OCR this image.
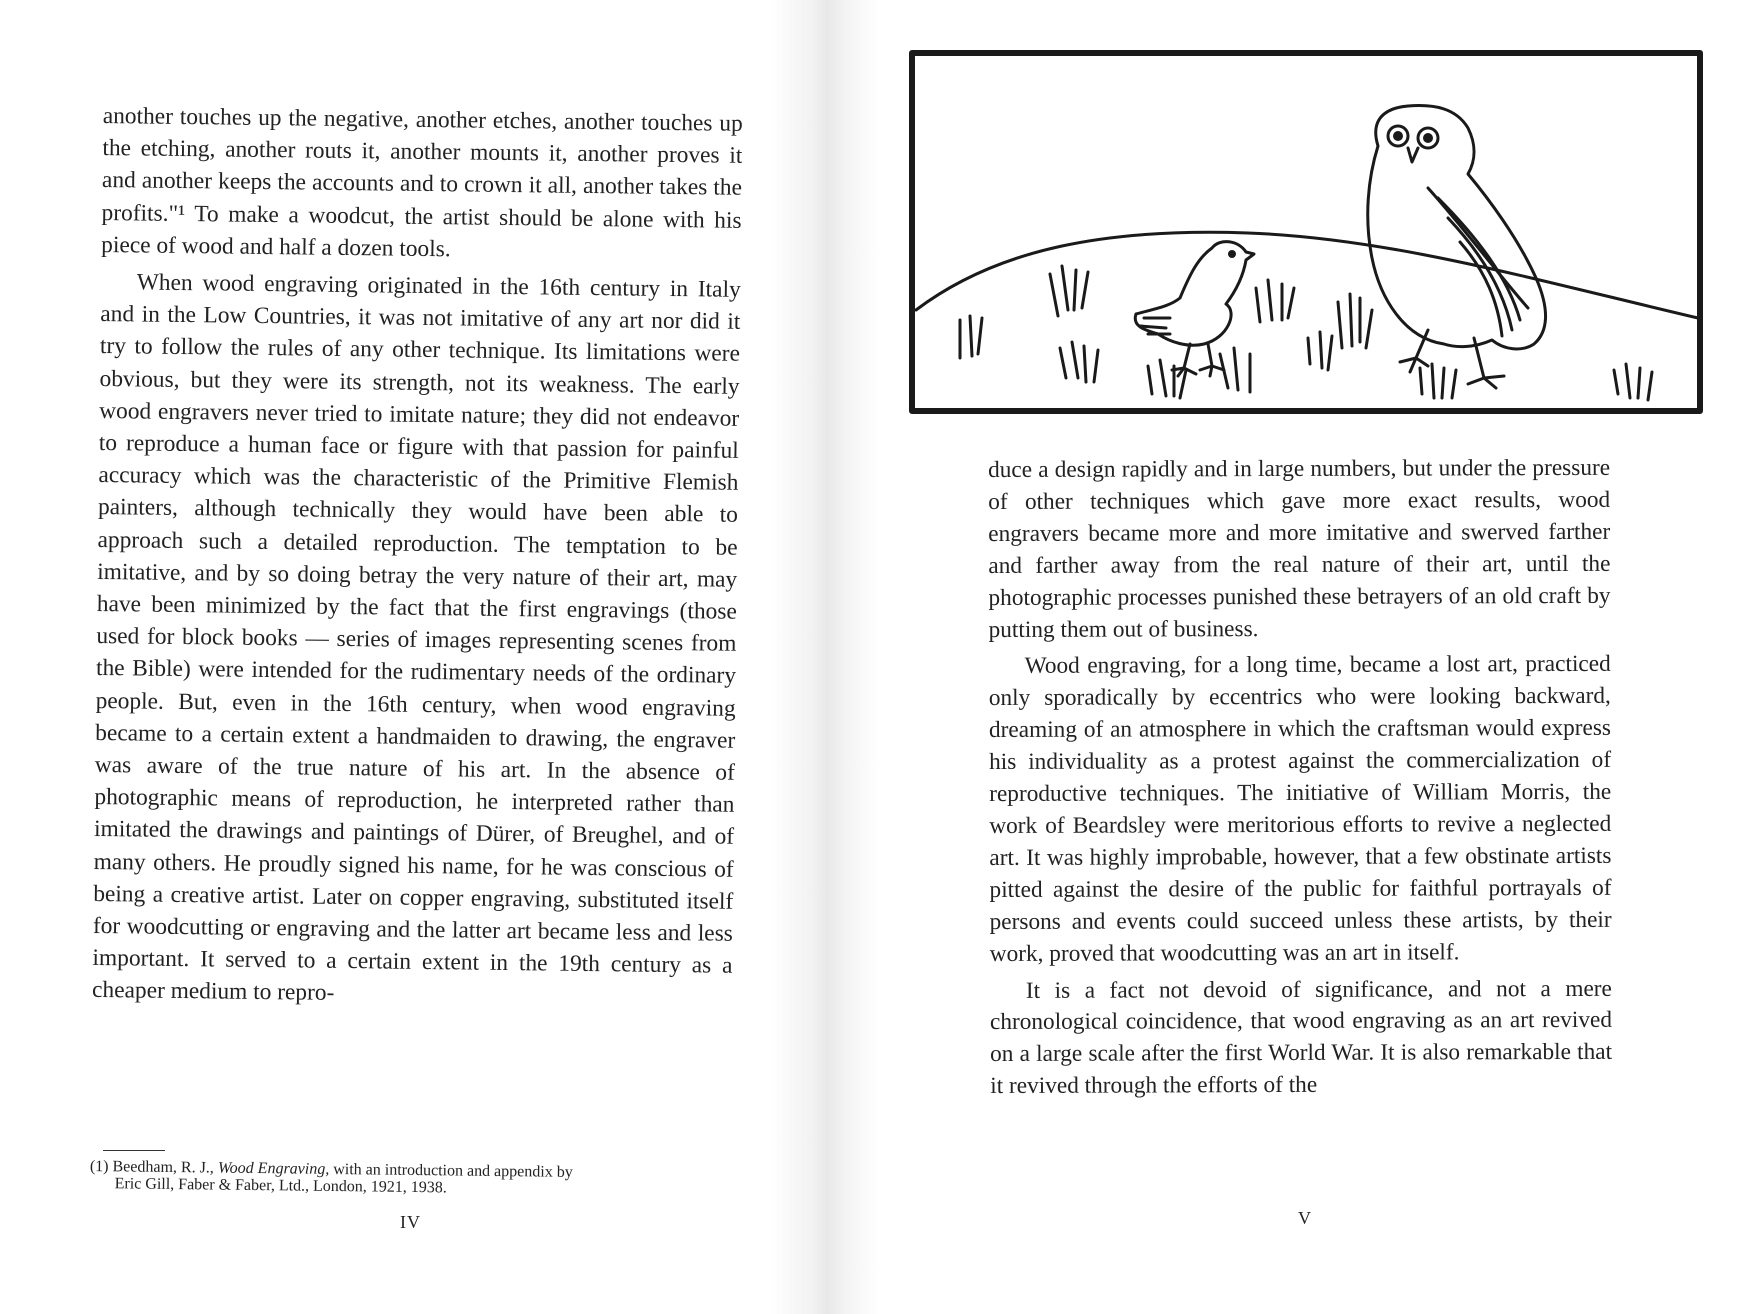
another touches up the negative, another etches, another touches up the etching, another routs it, another mounts it, another proves it and another keeps the accounts and to crown it all, another takes the profits."¹ To make a woodcut, the artist should be alone with his piece of wood and half a dozen tools.

When wood engraving originated in the 16th century in Italy and in the Low Countries, it was not imitative of any art nor did it try to follow the rules of any other technique. Its limitations were obvious, but they were its strength, not its weakness. The early wood engravers never tried to imitate nature; they did not endeavor to reproduce a human face or figure with that passion for painful accuracy which was the characteristic of the Primitive Flemish painters, although technically they would have been able to approach such a detailed reproduction. The temptation to be imitative, and by so doing betray the very nature of their art, may have been minimized by the fact that the first engravings (those used for block books — series of images representing scenes from the Bible) were intended for the rudimentary needs of the ordinary people. But, even in the 16th century, when wood engraving became to a certain extent a handmaiden to drawing, the engraver was aware of the true nature of his art. In the absence of photographic means of reproduction, he interpreted rather than imitated the drawings and paintings of Dürer, of Breughel, and of many others. He proudly signed his name, for he was conscious of being a creative artist. Later on copper engraving, substituted itself for woodcutting or engraving and the latter art became less and less important. It served to a certain extent in the 19th century as a cheaper medium to repro-

(1) Beedham, R. J., Wood Engraving, with an introduction and appendix by
Eric Gill, Faber & Faber, Ltd., London, 1921, 1938.
IV

duce a design rapidly and in large numbers, but under the pressure of other techniques which gave more exact results, wood engravers became more and more imitative and swerved farther and farther away from the real nature of their art, until the photographic processes punished these betrayers of an old craft by putting them out of business.

Wood engraving, for a long time, became a lost art, practiced only sporadically by eccentrics who were looking backward, dreaming of an atmosphere in which the craftsman would express his individuality as a protest against the commercialization of reproductive techniques. The initiative of William Morris, the work of Beardsley were meritorious efforts to revive a neglected art. It was highly improbable, however, that a few obstinate artists pitted against the desire of the public for faithful portrayals of persons and events could succeed unless these artists, by their work, proved that woodcutting was an art in itself.

It is a fact not devoid of significance, and not a mere chronological coincidence, that wood engraving as an art revived on a large scale after the first World War. It is also remarkable that it revived through the efforts of the

V
